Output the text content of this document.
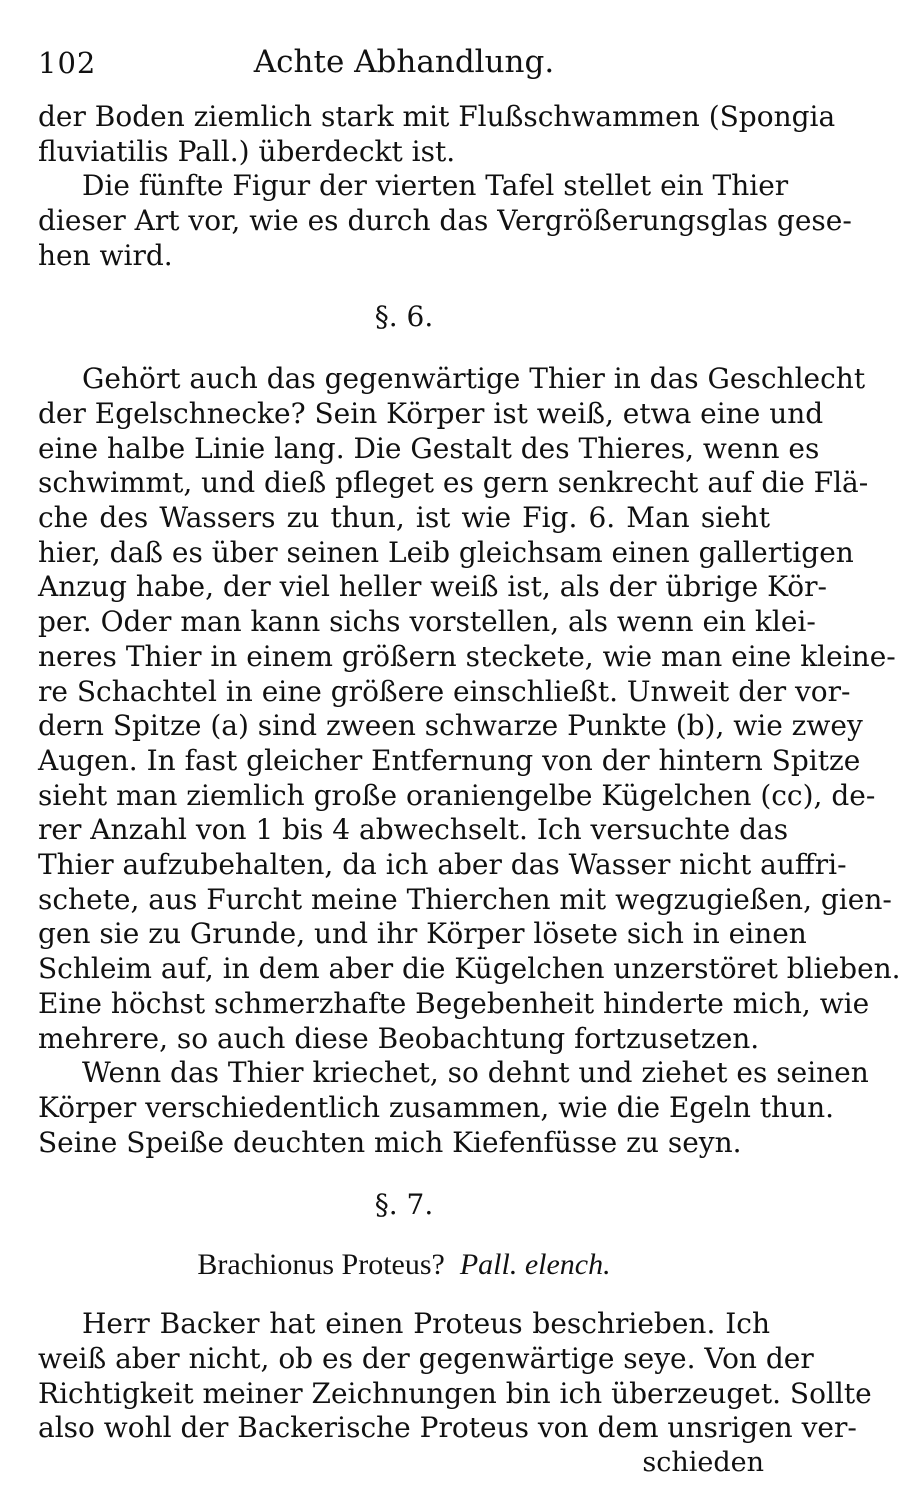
102	Achte Abhandlung.
der Boden ziemlich stark mit Flußschwammen (Spongia
fluviatilis Pall.) überdeckt ist.
Die fünfte Figur der vierten Tafel stellet ein Thier
dieser Art vor, wie es durch das Vergrößerungsglas gese-
hen wird.
§. 6.
Gehört auch das gegenwärtige Thier in das Geschlecht
der Egelschnecke? Sein Körper ist weiß, etwa eine und
eine halbe Linie lang. Die Gestalt des Thieres, wenn es
schwimmt, und dieß pfleget es gern senkrecht auf die Flä-
che des Wassers zu thun, ist wie Fig. 6. Man sieht
hier, daß es über seinen Leib gleichsam einen gallertigen
Anzug habe, der viel heller weiß ist, als der übrige Kör-
per. Oder man kann sichs vorstellen, als wenn ein klei-
neres Thier in einem größern steckete, wie man eine kleine-
re Schachtel in eine größere einschließt. Unweit der vor-
dern Spitze (a) sind zween schwarze Punkte (b), wie zwey
Augen. In fast gleicher Entfernung von der hintern Spitze
sieht man ziemlich große oraniengelbe Kügelchen (cc), de-
rer Anzahl von 1 bis 4 abwechselt. Ich versuchte das
Thier aufzubehalten, da ich aber das Wasser nicht auffri-
schete, aus Furcht meine Thierchen mit wegzugießen, gien-
gen sie zu Grunde, und ihr Körper lösete sich in einen
Schleim auf, in dem aber die Kügelchen unzerstöret blieben.
Eine höchst schmerzhafte Begebenheit hinderte mich, wie
mehrere, so auch diese Beobachtung fortzusetzen.
Wenn das Thier kriechet, so dehnt und ziehet es seinen
Körper verschiedentlich zusammen, wie die Egeln thun.
Seine Speiße deuchten mich Kiefenfüsse zu seyn.
§. 7.
Brachionus Proteus? Pall. elench.
Herr Backer hat einen Proteus beschrieben. Ich
weiß aber nicht, ob es der gegenwärtige seye. Von der
Richtigkeit meiner Zeichnungen bin ich überzeuget. Sollte
also wohl der Backerische Proteus von dem unsrigen ver-
schieden
